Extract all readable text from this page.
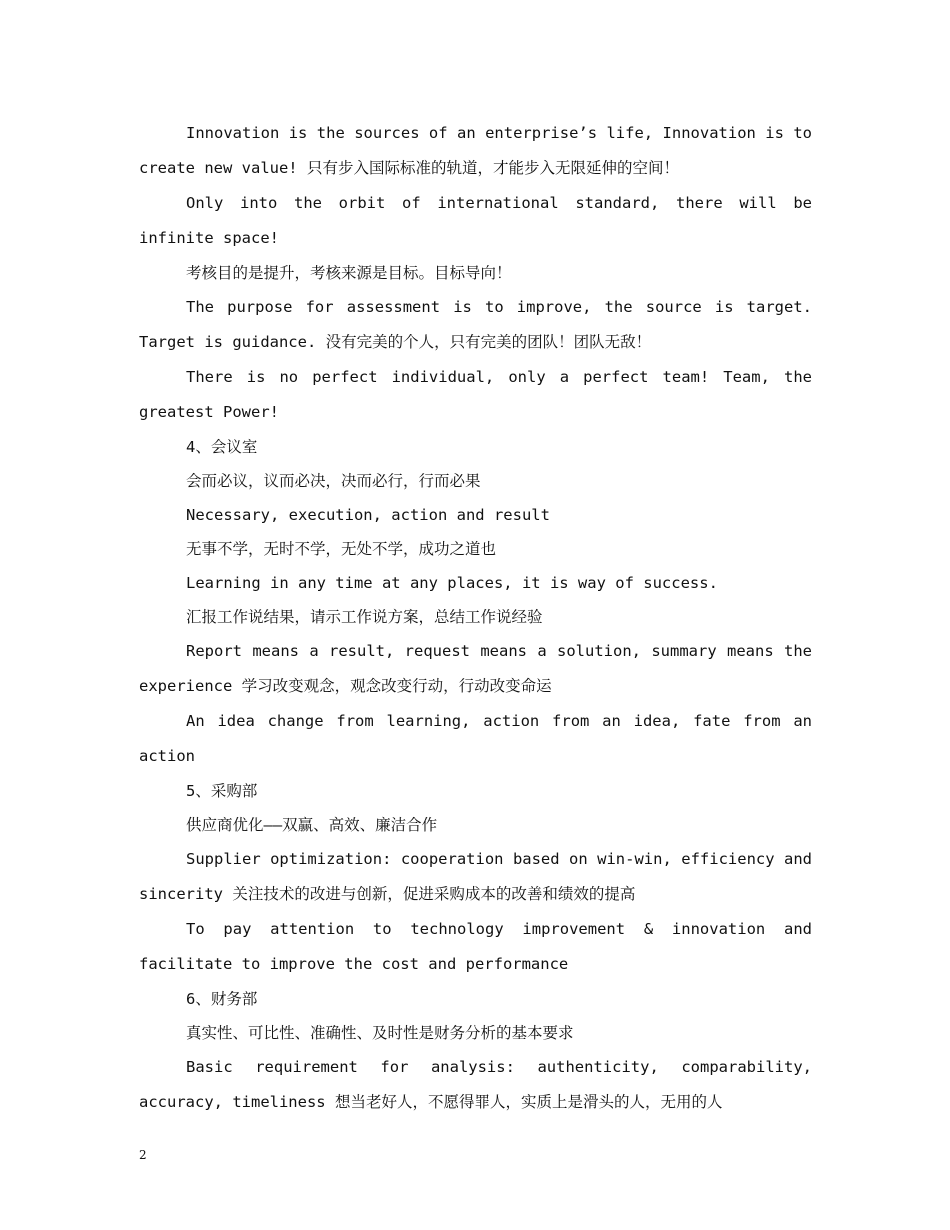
Innovation is the sources of an enterprise’s life, Innovation is to create new value! 只有步入国际标准的轨道，才能步入无限延伸的空间！

Only into the orbit of international standard, there will be infinite space!

考核目的是提升，考核来源是目标。目标导向！

The purpose for assessment is to improve, the source is target. Target is guidance. 没有完美的个人，只有完美的团队！团队无敌！

There is no perfect individual, only a perfect team! Team, the greatest Power!

4、会议室

会而必议，议而必决，决而必行，行而必果

Necessary, execution, action and result

无事不学，无时不学，无处不学，成功之道也

Learning in any time at any places, it is way of success.

汇报工作说结果，请示工作说方案，总结工作说经验

Report means a result, request means a solution, summary means the experience 学习改变观念，观念改变行动，行动改变命运

An idea change from learning, action from an idea, fate from an action

5、采购部

供应商优化——双赢、高效、廉洁合作

Supplier optimization: cooperation based on win-win, efficiency and sincerity 关注技术的改进与创新，促进采购成本的改善和绩效的提高

To pay attention to technology improvement & innovation and facilitate to improve the cost and performance

6、财务部

真实性、可比性、准确性、及时性是财务分析的基本要求

Basic requirement for analysis: authenticity, comparability, accuracy, timeliness 想当老好人，不愿得罪人，实质上是滑头的人，无用的人

2
